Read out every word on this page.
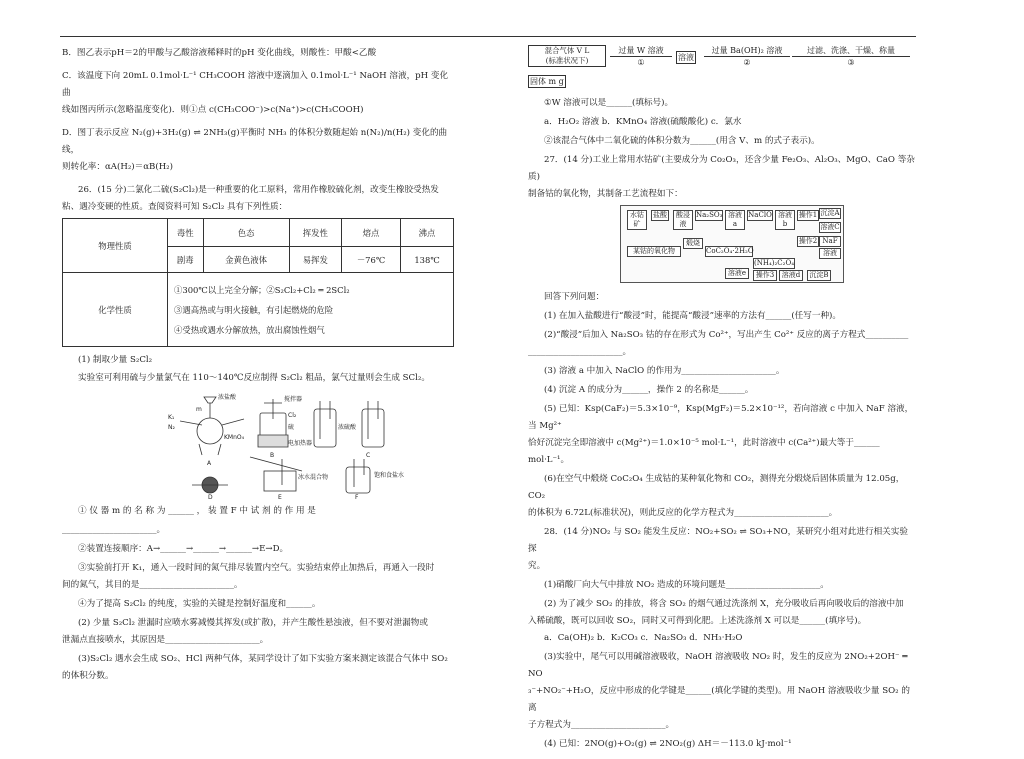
B．图乙表示pH＝2的甲酸与乙酸溶液稀释时的pH 变化曲线，则酸性：甲酸<乙酸

C．该温度下向 20mL 0.1mol·L⁻¹ CH₃COOH 溶液中逐滴加入 0.1mol·L⁻¹ NaOH 溶液，pH 变化曲

线如图丙所示(忽略温度变化)．则①点 c(CH₃COO⁻)>c(Na⁺)>c(CH₃COOH)

D．图丁表示反应 N₂(g)+3H₂(g) ⇌ 2NH₃(g)平衡时 NH₃ 的体积分数随起始 n(N₂)/n(H₂) 变化的曲线，

则转化率：αA(H₂)＝αB(H₂)

26．(15 分)二氯化二硫(S₂Cl₂)是一种重要的化工原料，常用作橡胶硫化剂，改变生橡胶受热发

粘、遇冷变硬的性质。查阅资料可知 S₂Cl₂ 具有下列性质：

物理性质	毒性	色态	挥发性	熔点	沸点
	剧毒	金黄色液体	易挥发	－76℃	138℃
化学性质	①300℃以上完全分解；②S₂Cl₂+Cl₂ ═ 2SCl₂
③遇高热或与明火接触，有引起燃烧的危险
④受热或遇水分解放热，放出腐蚀性烟气				

(1) 制取少量 S₂Cl₂

实验室可利用硫与少量氯气在 110～140℃反应制得 S₂Cl₂ 粗品，氯气过量则会生成 SCl₂。

K₁
N₂
m
浓盐酸
KMnO₄
A
搅拌器
Cl₂
硫
电加热器
B
浓硫酸
C
D
冰水混合物
E
饱和食盐水
F

① 仪 器 m 的 名 称 为 ______ ， 装 置 F 中 试 剂 的 作 用 是

______________________。

②装置连接顺序：A→______→______→______→E→D。

③实验前打开 K₁，通入一段时间的氮气排尽装置内空气。实验结束停止加热后，再通入一段时

间的氮气，其目的是______________________。

④为了提高 S₂Cl₂ 的纯度，实验的关键是控制好温度和______。

(2) 少量 S₂Cl₂ 泄漏时应喷水雾减慢其挥发(或扩散)，并产生酸性悬浊液，但不要对泄漏物或

泄漏点直接喷水，其原因是______________________。

(3)S₂Cl₂ 遇水会生成 SO₂、HCl 两种气体，某同学设计了如下实验方案来测定该混合气体中 SO₂

的体积分数。

混合气体 V L
(标准状况下)
过量 W 溶液
①
溶液
过量 Ba(OH)₂ 溶液
②
过滤、洗涤、干燥、称量
③
固体 m g

①W 溶液可以是______(填标号)。

a．H₂O₂ 溶液 b．KMnO₄ 溶液(硫酸酸化) c．氯水

②该混合气体中二氧化硫的体积分数为______(用含 V、m 的式子表示)。

27．(14 分)工业上常用水钴矿(主要成分为 Co₂O₃，还含少量 Fe₂O₃、Al₂O₃、MgO、CaO 等杂质)

制备钴的氧化物，其制备工艺流程如下：

水钴矿
盐酸	酸浸液
Na₂SO₃ 溶液a
NaClO 溶液b
操作1 沉淀A
溶液C
操作2 NaF
溶液
某钴的氧化物
煅烧
CoC₂O₄·2H₂O
(NH₄)₂C₂O₄
溶液e	操作3	溶液d	沉淀B

回答下列问题：

(1) 在加入盐酸进行“酸浸”时，能提高“酸浸”速率的方法有______(任写一种)。

(2)“酸浸”后加入 Na₂SO₃ 钴的存在形式为 Co²⁺，写出产生 Co²⁺ 反应的离子方程式__________

______________________。

(3) 溶液 a 中加入 NaClO 的作用为______________________。

(4) 沉淀 A 的成分为______，操作 2 的名称是______。

(5) 已知：Ksp(CaF₂)＝5.3×10⁻⁹，Ksp(MgF₂)＝5.2×10⁻¹²，若向溶液 c 中加入 NaF 溶液，当 Mg²⁺

恰好沉淀完全即溶液中 c(Mg²⁺)＝1.0×10⁻⁵ mol·L⁻¹，此时溶液中 c(Ca²⁺)最大等于______ mol·L⁻¹。

(6)在空气中煅烧 CoC₂O₄ 生成钴的某种氧化物和 CO₂，测得充分煅烧后固体质量为 12.05g，CO₂

的体积为 6.72L(标准状况)，则此反应的化学方程式为______________________。

28．(14 分)NO₂ 与 SO₂ 能发生反应：NO₂+SO₂ ⇌ SO₃+NO，某研究小组对此进行相关实验探

究。

(1)硝酸厂向大气中排放 NO₂ 造成的环境问题是______________________。

(2) 为了减少 SO₂ 的排放，将含 SO₂ 的烟气通过洗涤剂 X，充分吸收后再向吸收后的溶液中加

入稀硫酸，既可以回收 SO₂，同时又可得到化肥。上述洗涤剂 X 可以是______(填序号)。

a．Ca(OH)₂ b．K₂CO₃ c．Na₂SO₃ d．NH₃·H₂O

(3)实验中，尾气可以用碱溶液吸收，NaOH 溶液吸收 NO₂ 时，发生的反应为 2NO₂+2OH⁻ ═ NO

₃⁻+NO₂⁻+H₂O，反应中形成的化学键是______(填化学键的类型)。用 NaOH 溶液吸收少量 SO₂ 的离

子方程式为______________________。

(4) 已知：2NO(g)+O₂(g) ⇌ 2NO₂(g) ΔH＝－113.0 kJ·mol⁻¹
